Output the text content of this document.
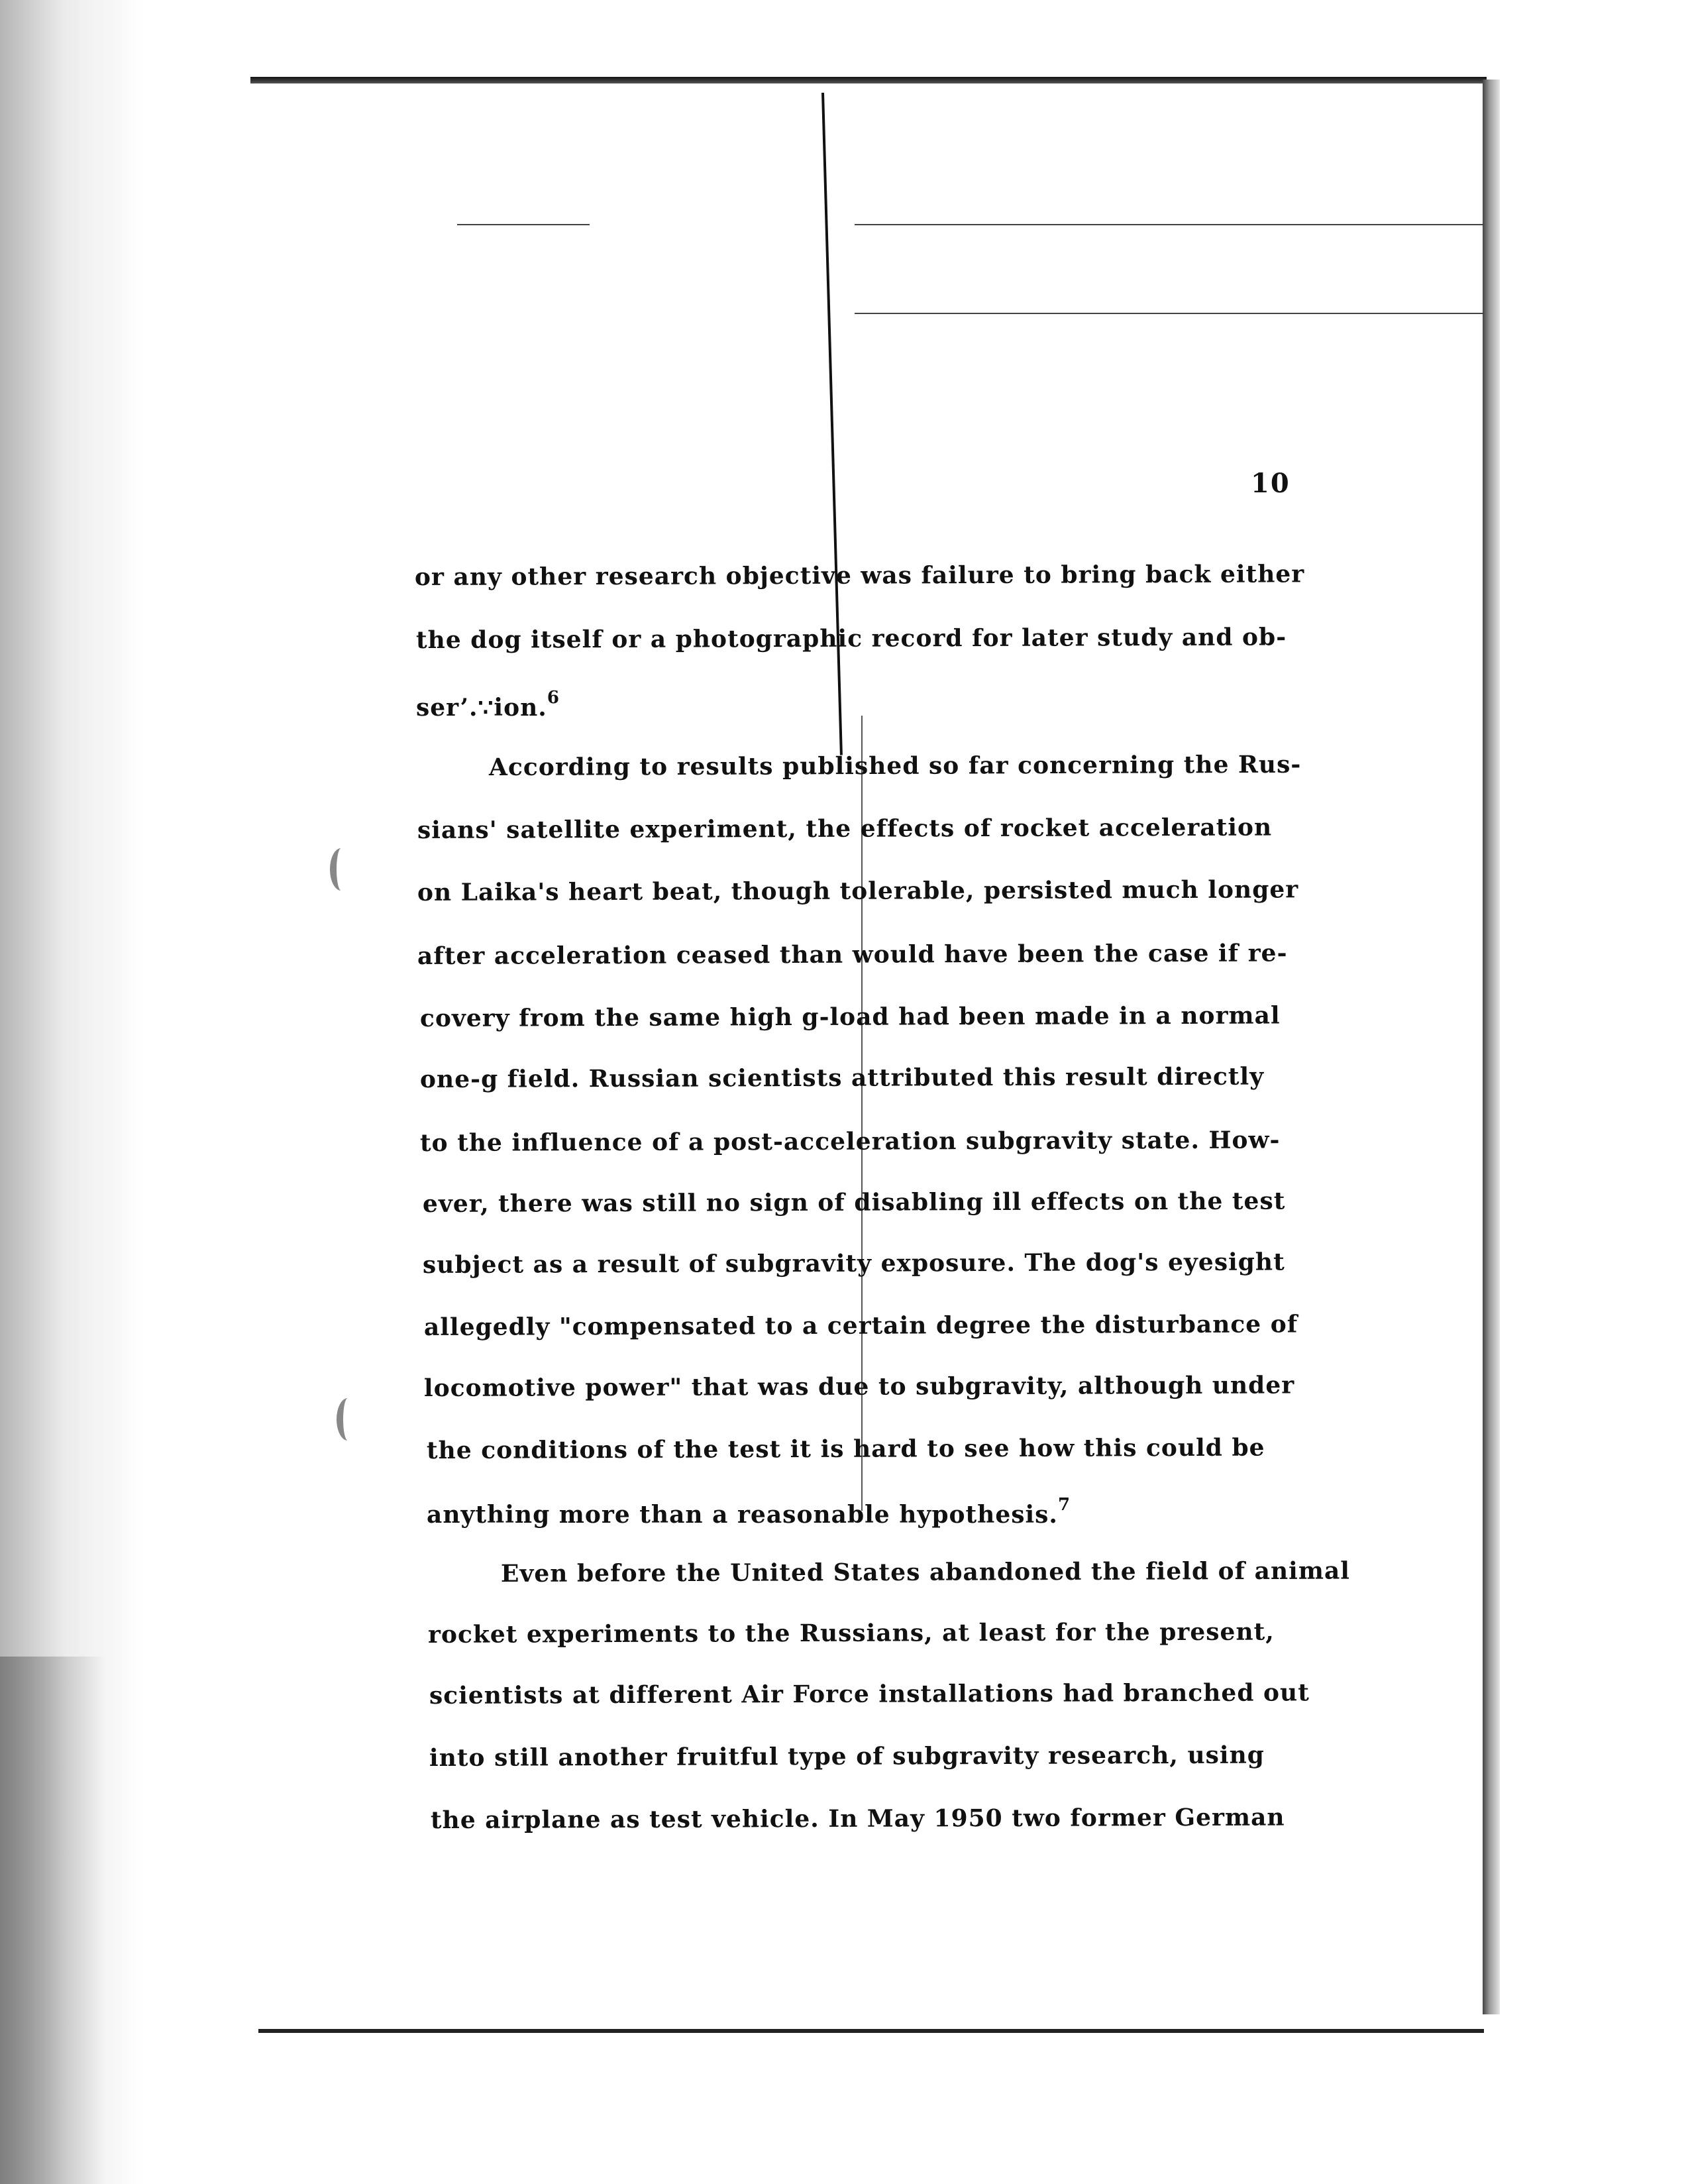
10
or any other research objective was failure to bring back either
the dog itself or a photographic record for later study and ob-
ser’.∵ion.$^6$
According to results published so far concerning the Rus-
sians' satellite experiment, the effects of rocket acceleration
on Laika's heart beat, though tolerable, persisted much longer
after acceleration ceased than would have been the case if re-
covery from the same high g-load had been made in a normal
one-g field. Russian scientists attributed this result directly
to the influence of a post-acceleration subgravity state. How-
ever, there was still no sign of disabling ill effects on the test
subject as a result of subgravity exposure. The dog's eyesight
allegedly "compensated to a certain degree the disturbance of
locomotive power" that was due to subgravity, although under
the conditions of the test it is hard to see how this could be
anything more than a reasonable hypothesis.$^7$
Even before the United States abandoned the field of animal
rocket experiments to the Russians, at least for the present,
scientists at different Air Force installations had branched out
into still another fruitful type of subgravity research, using
the airplane as test vehicle. In May 1950 two former German
